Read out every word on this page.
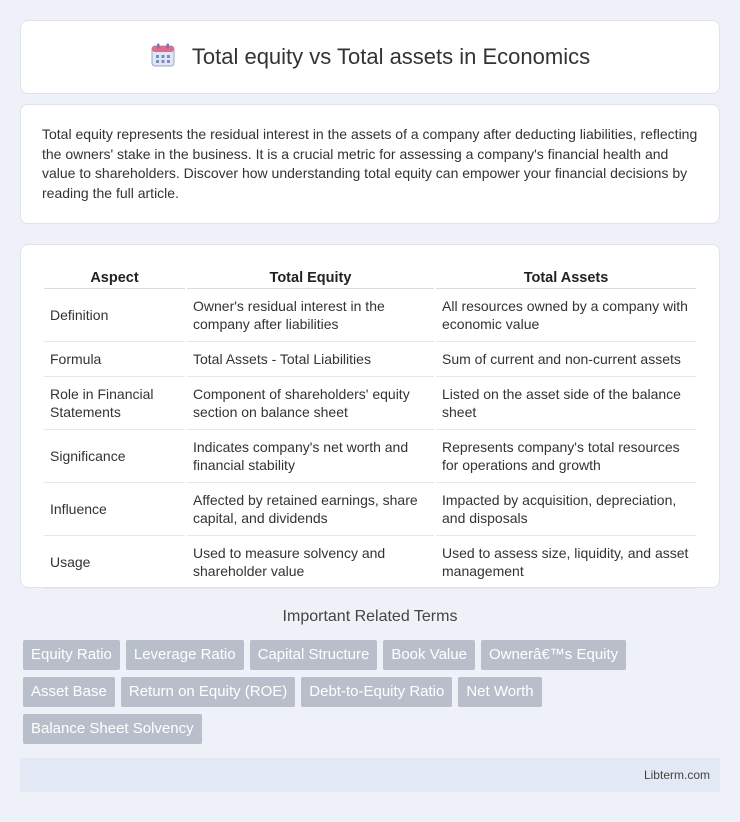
Total equity vs Total assets in Economics

Total equity represents the residual interest in the assets of a company after deducting liabilities, reflecting the owners' stake in the business. It is a crucial metric for assessing a company's financial health and value to shareholders. Discover how understanding total equity can empower your financial decisions by reading the full article.

Aspect	Total Equity	Total Assets
Definition	Owner's residual interest in the company after liabilities	All resources owned by a company with economic value
Formula	Total Assets - Total Liabilities	Sum of current and non-current assets
Role in Financial Statements	Component of shareholders' equity section on balance sheet	Listed on the asset side of the balance sheet
Significance	Indicates company's net worth and financial stability	Represents company's total resources for operations and growth
Influence	Affected by retained earnings, share capital, and dividends	Impacted by acquisition, depreciation, and disposals
Usage	Used to measure solvency and shareholder value	Used to assess size, liquidity, and asset management
Important Related Terms
Equity Ratio	Leverage Ratio	Capital Structure	Book Value	Ownerâ€™s Equity
Asset Base	Return on Equity (ROE)	Debt-to-Equity Ratio	Net Worth
Balance Sheet Solvency
Libterm.com
